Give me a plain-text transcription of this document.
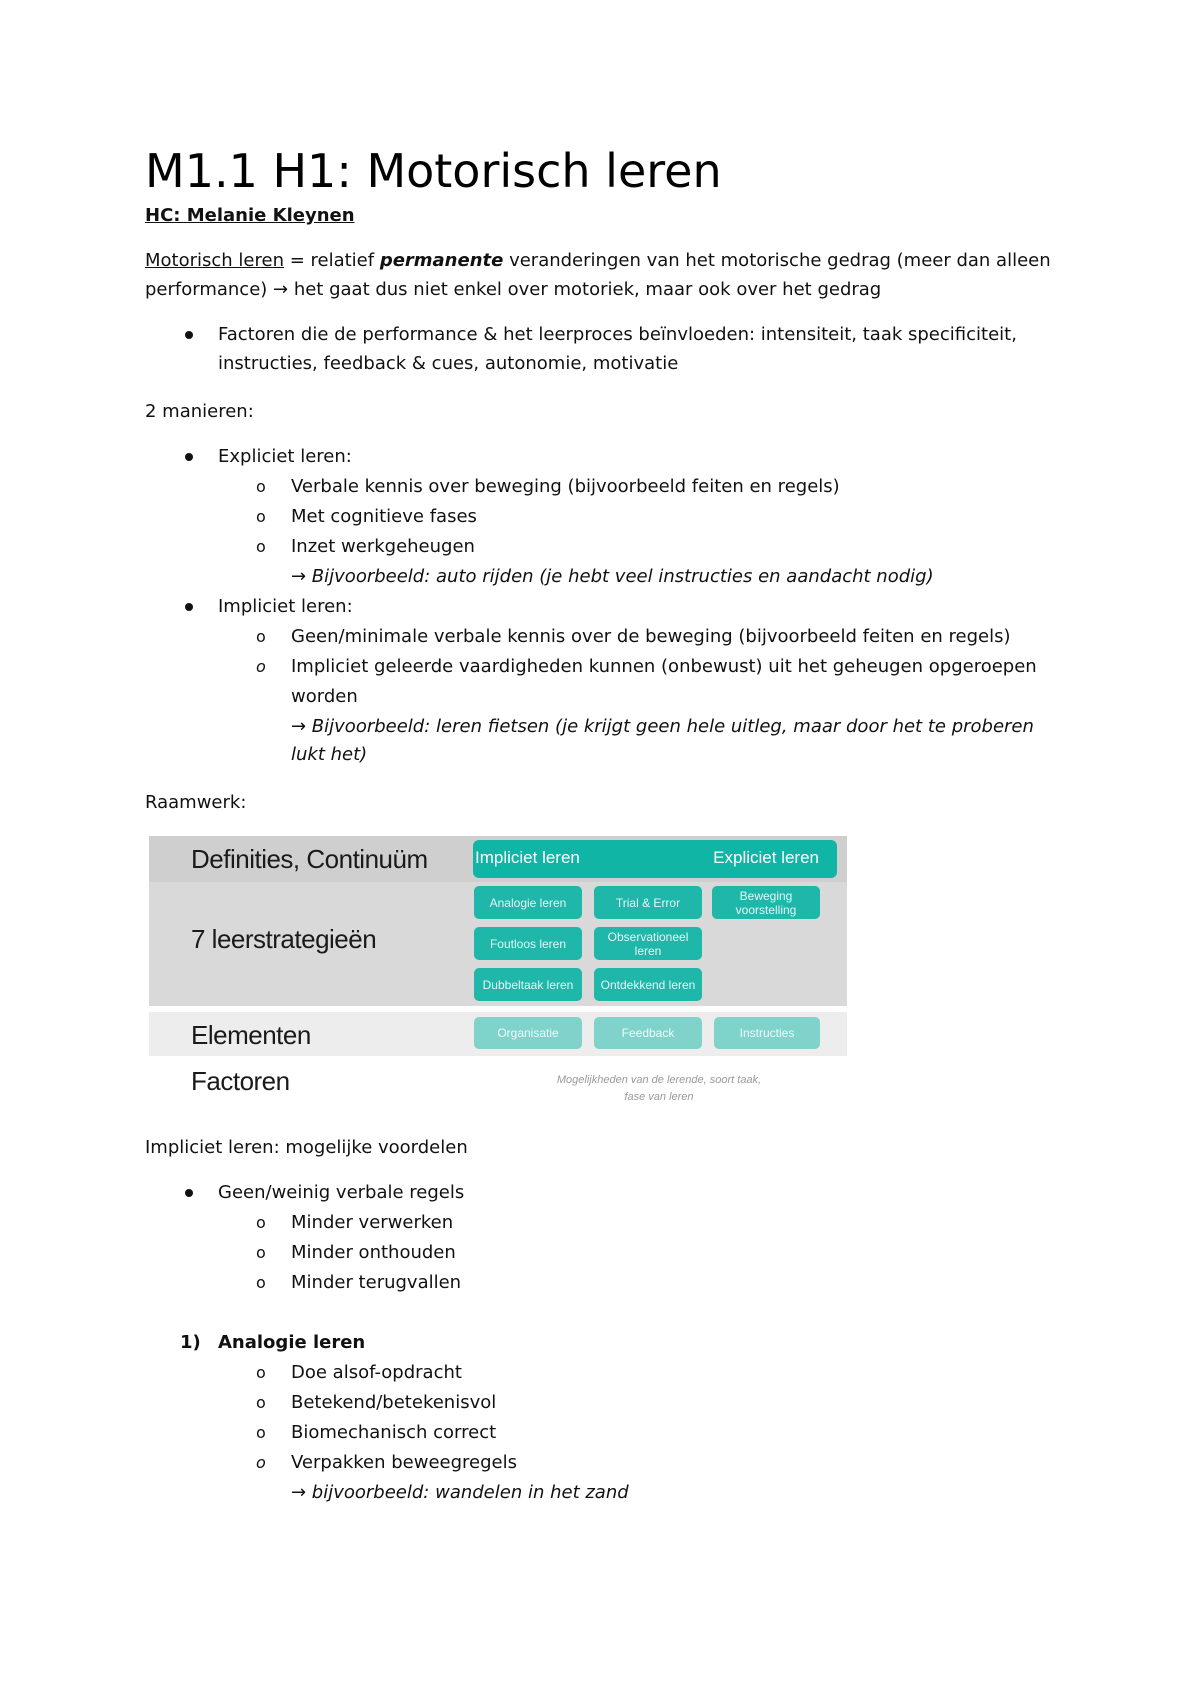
M1.1 H1: Motorisch leren
HC: Melanie Kleynen
Motorisch leren = relatief permanente veranderingen van het motorische gedrag (meer dan alleen
performance) → het gaat dus niet enkel over motoriek, maar ook over het gedrag
Factoren die de performance & het leerproces beïnvloeden: intensiteit, taak specificiteit,
instructies, feedback & cues, autonomie, motivatie
2 manieren:
Expliciet leren:
o Verbale kennis over beweging (bijvoorbeeld feiten en regels)
o Met cognitieve fases
o Inzet werkgeheugen
→ Bijvoorbeeld: auto rijden (je hebt veel instructies en aandacht nodig)
Impliciet leren:
o Geen/minimale verbale kennis over de beweging (bijvoorbeeld feiten en regels)
o Impliciet geleerde vaardigheden kunnen (onbewust) uit het geheugen opgeroepen
worden
→ Bijvoorbeeld: leren fietsen (je krijgt geen hele uitleg, maar door het te proberen
lukt het)
Raamwerk:
Definities, Continuüm	Impliciet leren	Expliciet leren
7 leerstrategieën
Analogie leren	Trial & Error	Beweging voorstelling
Foutloos leren	Observationeel leren
Dubbeltaak leren	Ontdekkend leren
Elementen	Organisatie	Feedback	Instructies
Factoren	Mogelijkheden van de lerende, soort taak,
fase van leren
Impliciet leren: mogelijke voordelen
Geen/weinig verbale regels
o Minder verwerken
o Minder onthouden
o Minder terugvallen
1) Analogie leren
o Doe alsof-opdracht
o Betekend/betekenisvol
o Biomechanisch correct
o Verpakken beweegregels
→ bijvoorbeeld: wandelen in het zand
